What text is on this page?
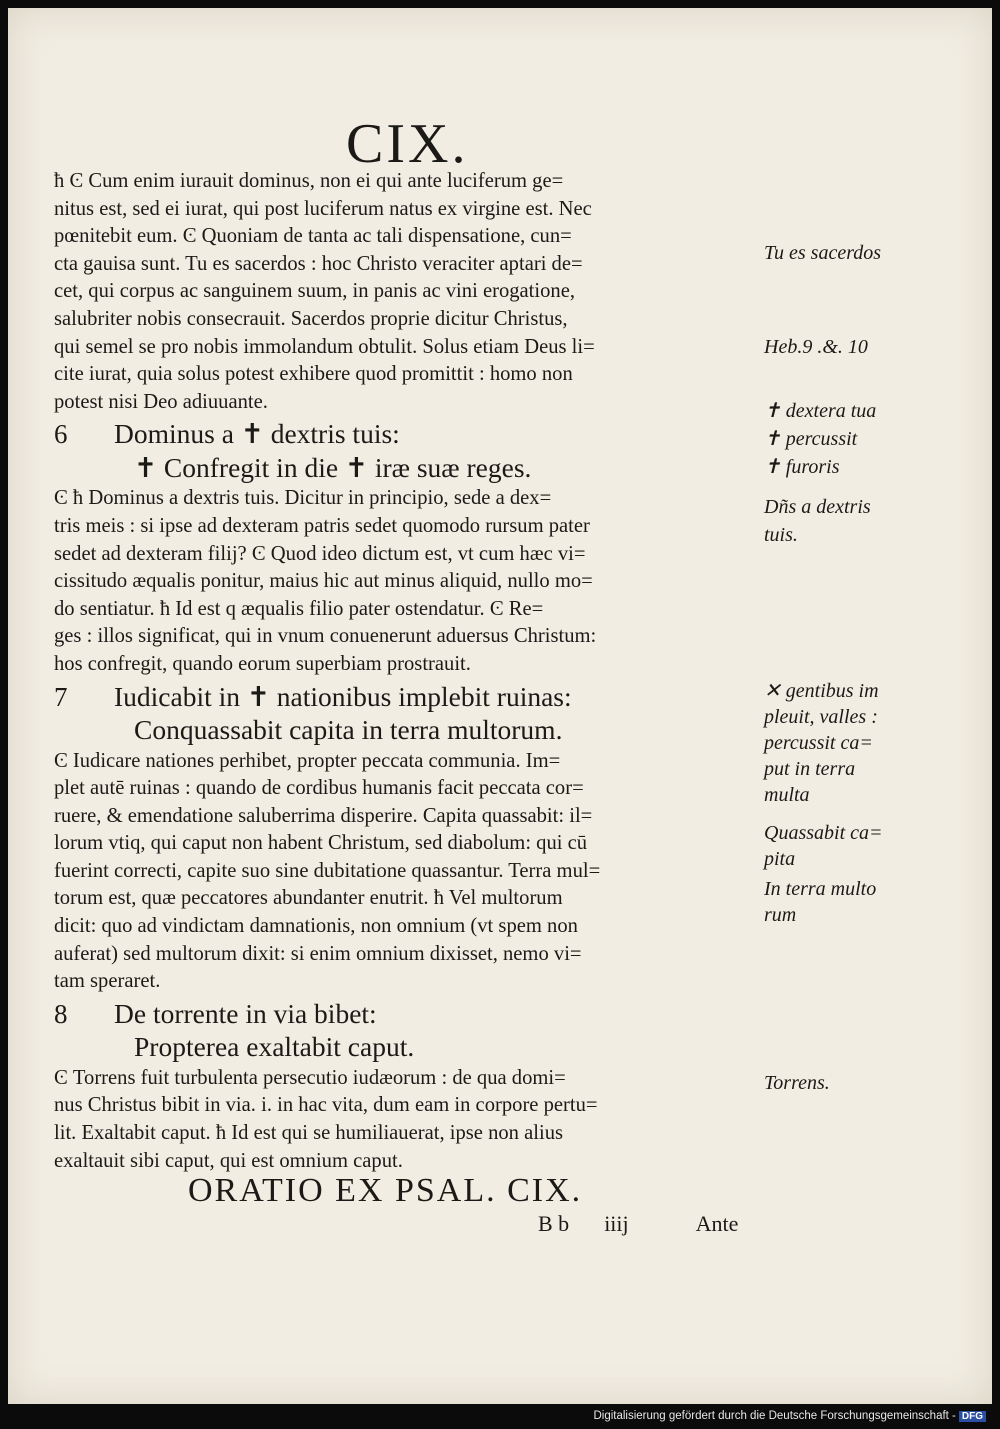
CIX.
ħ Ͼ Cum enim iurauit dominus, non ei qui ante luciferum ge=
nitus est, sed ei iurat, qui post luciferum natus ex virgine est. Nec
pœnitebit eum. Ͼ Quoniam de tanta ac tali dispensatione, cun=
cta gauisa sunt. Tu es sacerdos : hoc Christo veraciter aptari de=
cet, qui corpus ac sanguinem suum, in panis ac vini erogatione,
salubriter nobis consecrauit. Sacerdos proprie dicitur Christus,
qui semel se pro nobis immolandum obtulit. Solus etiam Deus li=
cite iurat, quia solus potest exhibere quod promittit : homo non
potest nisi Deo adiuuante.
6 Dominus a ✝ dextris tuis:
✝ Confregit in die ✝ iræ suæ reges.
Ͼ ħ Dominus a dextris tuis. Dicitur in principio, sede a dex=
tris meis : si ipse ad dexteram patris sedet quomodo rursum pater
sedet ad dexteram filij? Ͼ Quod ideo dictum est, vt cum hæc vi=
cissitudo æqualis ponitur, maius hic aut minus aliquid, nullo mo=
do sentiatur. ħ Id est q æqualis filio pater ostendatur. Ͼ Re=
ges : illos significat, qui in vnum conuenerunt aduersus Christum:
hos confregit, quando eorum superbiam prostrauit.
7 Iudicabit in ✝ nationibus implebit ruinas:
Conquassabit capita in terra multorum.
Ͼ Iudicare nationes perhibet, propter peccata communia. Im=
plet autē ruinas : quando de cordibus humanis facit peccata cor=
ruere, & emendatione saluberrima disperire. Capita quassabit: il=
lorum vtiq, qui caput non habent Christum, sed diabolum: qui cū
fuerint correcti, capite suo sine dubitatione quassantur. Terra mul=
torum est, quæ peccatores abundanter enutrit. ħ Vel multorum
dicit: quo ad vindictam damnationis, non omnium (vt spem non
auferat) sed multorum dixit: si enim omnium dixisset, nemo vi=
tam speraret.
8 De torrente in via bibet:
Propterea exaltabit caput.
Ͼ Torrens fuit turbulenta persecutio iudæorum : de qua domi=
nus Christus bibit in via. i. in hac vita, dum eam in corpore pertu=
lit. Exaltabit caput. ħ Id est qui se humiliauerat, ipse non alius
exaltauit sibi caput, qui est omnium caput.
ORATIO EX PSAL. CIX.
B b iiij	Ante
Tu es sacerdos
Heb.9 .&. 10
✝ dextera tua
✝ percussit
✝ furoris
Dñs a dextris
tuis.
✕ gentibus im
pleuit, valles :
percussit ca=
put in terra
multa
Quassabit ca=
pita
In terra multo
rum
Torrens.
Digitalisierung gefördert durch die Deutsche Forschungsgemeinschaft - DFG
